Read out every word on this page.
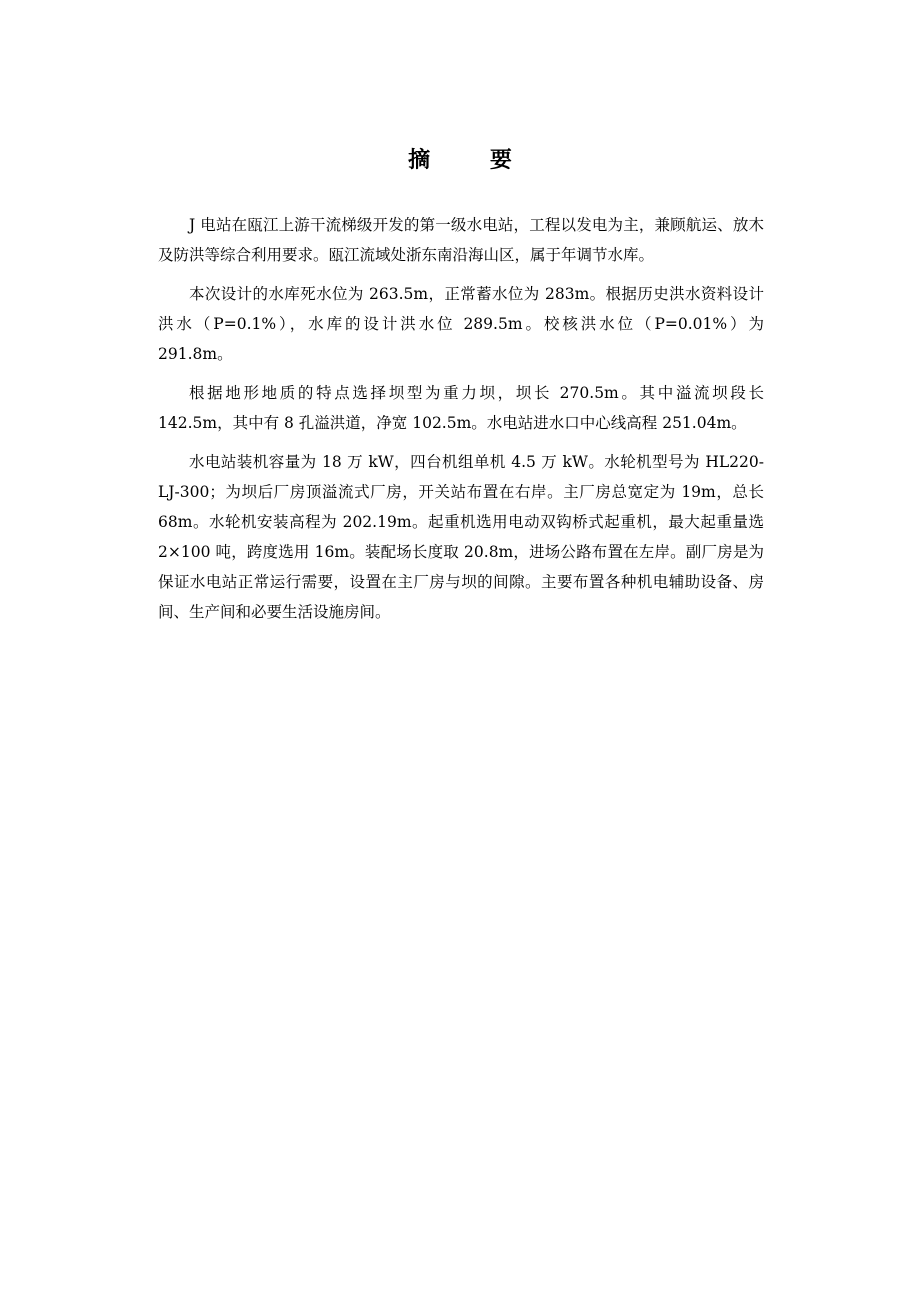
摘 要

J 电站在瓯江上游干流梯级开发的第一级水电站，工程以发电为主，兼顾航运、放木及防洪等综合利用要求。瓯江流域处浙东南沿海山区，属于年调节水库。

本次设计的水库死水位为 263.5m，正常蓄水位为 283m。根据历史洪水资料设计洪水（P=0.1%），水库的设计洪水位 289.5m。校核洪水位（P=0.01%）为 291.8m。

根据地形地质的特点选择坝型为重力坝，坝长 270.5m。其中溢流坝段长 142.5m，其中有 8 孔溢洪道，净宽 102.5m。水电站进水口中心线高程 251.04m。

水电站装机容量为 18 万 kW，四台机组单机 4.5 万 kW。水轮机型号为 HL220-LJ-300；为坝后厂房顶溢流式厂房，开关站布置在右岸。主厂房总宽定为 19m，总长 68m。水轮机安装高程为 202.19m。起重机选用电动双钩桥式起重机，最大起重量选 2×100 吨，跨度选用 16m。装配场长度取 20.8m，进场公路布置在左岸。副厂房是为保证水电站正常运行需要，设置在主厂房与坝的间隙。主要布置各种机电辅助设备、房间、生产间和必要生活设施房间。
